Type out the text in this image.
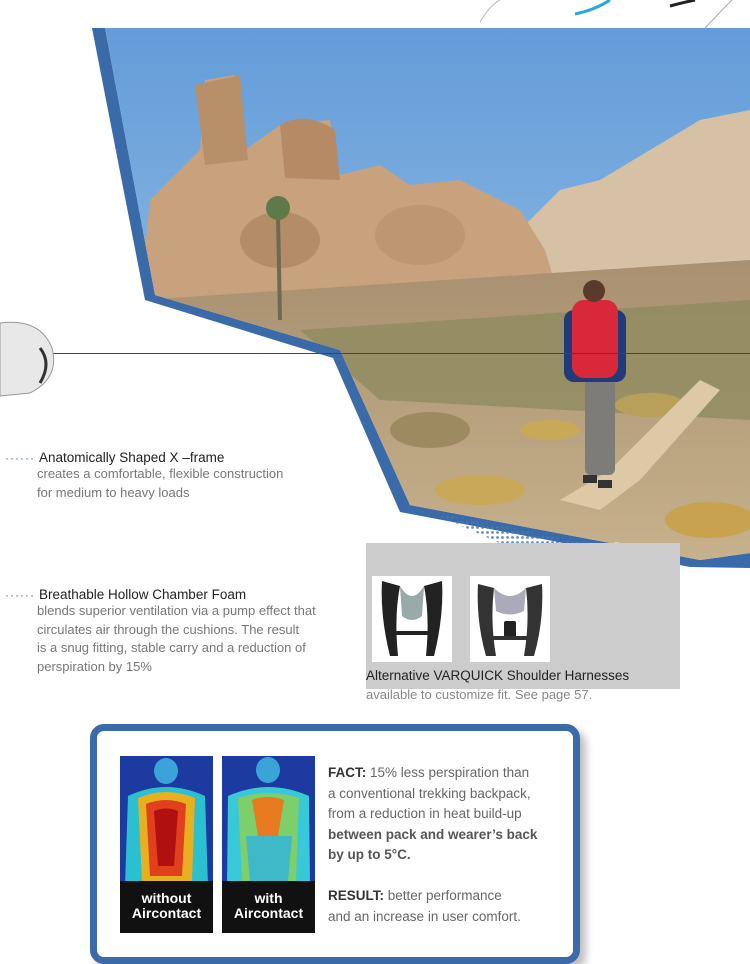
······ Anatomically Shaped X –frame
creates a comfortable, flexible construction
for medium to heavy loads
······ Breathable Hollow Chamber Foam
blends superior ventilation via a pump effect that
circulates air through the cushions. The result
is a snug fitting, stable carry and a reduction of
perspiration by 15%
Alternative VARQUICK Shoulder Harnesses
available to customize fit. See page 57.
without
Aircontact
with
Aircontact
FACT: 15% less perspiration than
a conventional trekking backpack,
from a reduction in heat build-up
between pack and wearer’s back
by up to 5°C.
RESULT: better performance
and an increase in user comfort.
